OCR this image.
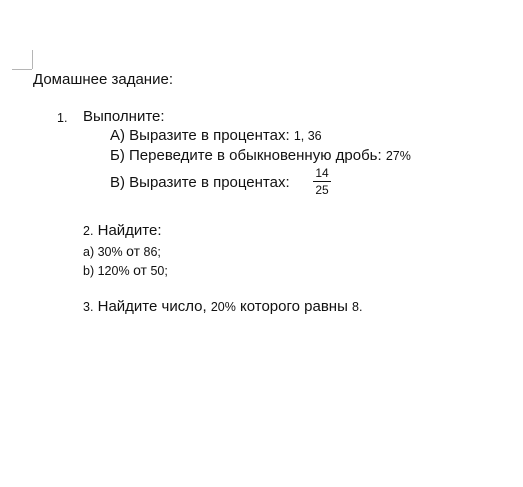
Домашнее задание:
1. Выполните:
А) Выразите в процентах: 1, 36
Б) Переведите в обыкновенную дробь: 27%
В) Выразите в процентах:
14
25
2. Найдите:
а) 30% от 86;
b) 120% от 50;
3. Найдите число, 20% которого равны 8.
